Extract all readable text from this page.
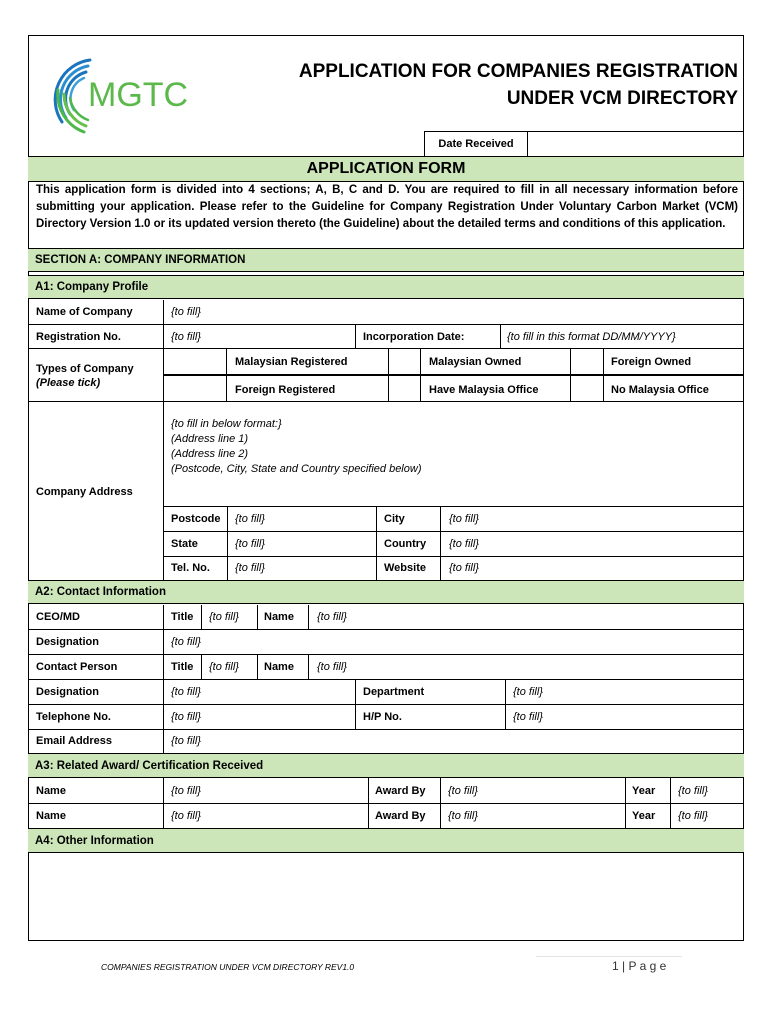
MGTC
APPLICATION FOR COMPANIES REGISTRATION
UNDER VCM DIRECTORY
Date Received
APPLICATION FORM
This application form is divided into 4 sections; A, B, C and D. You are required to fill in all necessary information before submitting your application. Please refer to the Guideline for Company Registration Under Voluntary Carbon Market (VCM) Directory Version 1.0 or its updated version thereto (the Guideline) about the detailed terms and conditions of this application.
SECTION A: COMPANY INFORMATION
A1: Company Profile
Name of Company	{to fill}
Registration No.	{to fill}	Incorporation Date:	{to fill in this format DD/MM/YYYY}
Types of Company
(Please tick)
Malaysian Registered	Malaysian Owned	Foreign Owned
Foreign Registered	Have Malaysia Office	No Malaysia Office
Company Address
{to fill in below format:}
(Address line 1)
(Address line 2)
(Postcode, City, State and Country specified below)
Postcode {to fill}	City	{to fill}
State	{to fill}	Country {to fill}
Tel. No. {to fill}	Website {to fill}
A2: Contact Information
CEO/MD	Title {to fill} Name {to fill}
Designation	{to fill}
Contact Person	Title {to fill} Name {to fill}
Designation	{to fill}	Department	{to fill}
Telephone No.	{to fill}	H/P No.	{to fill}
Email Address	{to fill}
A3: Related Award/ Certification Received
Name	{to fill}	Award By {to fill}	Year {to fill}
Name	{to fill}	Award By {to fill}	Year {to fill}
A4: Other Information
COMPANIES REGISTRATION UNDER VCM DIRECTORY REV1.0	1 | P a g e
